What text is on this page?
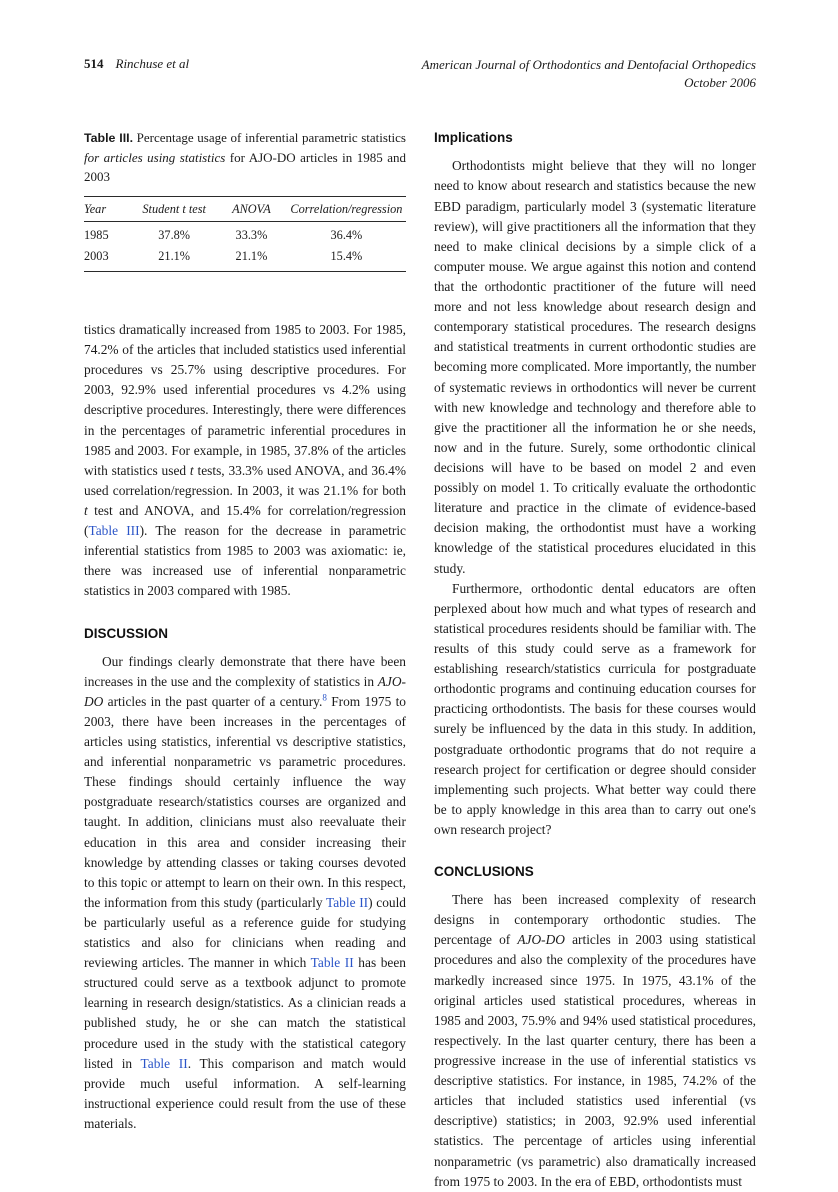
514 Rinchuse et al	American Journal of Orthodontics and Dentofacial Orthopedics
October 2006
Table III. Percentage usage of inferential parametric statistics for articles using statistics for AJO-DO articles in 1985 and 2003
Year	Student t test	ANOVA	Correlation/regression
1985	37.8%	33.3%	36.4%
2003	21.1%	21.1%	15.4%

tistics dramatically increased from 1985 to 2003. For 1985, 74.2% of the articles that included statistics used inferential procedures vs 25.7% using descriptive procedures. For 2003, 92.9% used inferential procedures vs 4.2% using descriptive procedures. Interestingly, there were differences in the percentages of parametric inferential procedures in 1985 and 2003. For example, in 1985, 37.8% of the articles with statistics used t tests, 33.3% used ANOVA, and 36.4% used correlation/regression. In 2003, it was 21.1% for both t test and ANOVA, and 15.4% for correlation/regression (Table III). The reason for the decrease in parametric inferential statistics from 1985 to 2003 was axiomatic: ie, there was increased use of inferential nonparametric statistics in 2003 compared with 1985.

DISCUSSION

Our findings clearly demonstrate that there have been increases in the use and the complexity of statistics in AJO-DO articles in the past quarter of a century.$^8$ From 1975 to 2003, there have been increases in the percentages of articles using statistics, inferential vs descriptive statistics, and inferential nonparametric vs parametric procedures. These findings should certainly influence the way postgraduate research/statistics courses are organized and taught. In addition, clinicians must also reevaluate their education in this area and consider increasing their knowledge by attending classes or taking courses devoted to this topic or attempt to learn on their own. In this respect, the information from this study (particularly Table II) could be particularly useful as a reference guide for studying statistics and also for clinicians when reading and reviewing articles. The manner in which Table II has been structured could serve as a textbook adjunct to promote learning in research design/statistics. As a clinician reads a published study, he or she can match the statistical procedure used in the study with the statistical category listed in Table II. This comparison and match would provide much useful information. A self-learning instructional experience could result from the use of these materials.

Implications

Orthodontists might believe that they will no longer need to know about research and statistics because the new EBD paradigm, particularly model 3 (systematic literature review), will give practitioners all the information that they need to make clinical decisions by a simple click of a computer mouse. We argue against this notion and contend that the orthodontic practitioner of the future will need more and not less knowledge about research design and contemporary statistical procedures. The research designs and statistical treatments in current orthodontic studies are becoming more complicated. More importantly, the number of systematic reviews in orthodontics will never be current with new knowledge and technology and therefore able to give the practitioner all the information he or she needs, now and in the future. Surely, some orthodontic clinical decisions will have to be based on model 2 and even possibly on model 1. To critically evaluate the orthodontic literature and practice in the climate of evidence-based decision making, the orthodontist must have a working knowledge of the statistical procedures elucidated in this study.

Furthermore, orthodontic dental educators are often perplexed about how much and what types of research and statistical procedures residents should be familiar with. The results of this study could serve as a framework for establishing research/statistics curricula for postgraduate orthodontic programs and continuing education courses for practicing orthodontists. The basis for these courses would surely be influenced by the data in this study. In addition, postgraduate orthodontic programs that do not require a research project for certification or degree should consider implementing such projects. What better way could there be to apply knowledge in this area than to carry out one's own research project?

CONCLUSIONS

There has been increased complexity of research designs in contemporary orthodontic studies. The percentage of AJO-DO articles in 2003 using statistical procedures and also the complexity of the procedures have markedly increased since 1975. In 1975, 43.1% of the original articles used statistical procedures, whereas in 1985 and 2003, 75.9% and 94% used statistical procedures, respectively. In the last quarter century, there has been a progressive increase in the use of inferential statistics vs descriptive statistics. For instance, in 1985, 74.2% of the articles that included statistics used inferential (vs descriptive) statistics; in 2003, 92.9% used inferential statistics. The percentage of articles using inferential nonparametric (vs parametric) also dramatically increased from 1975 to 2003. In the era of EBD, orthodontists must
